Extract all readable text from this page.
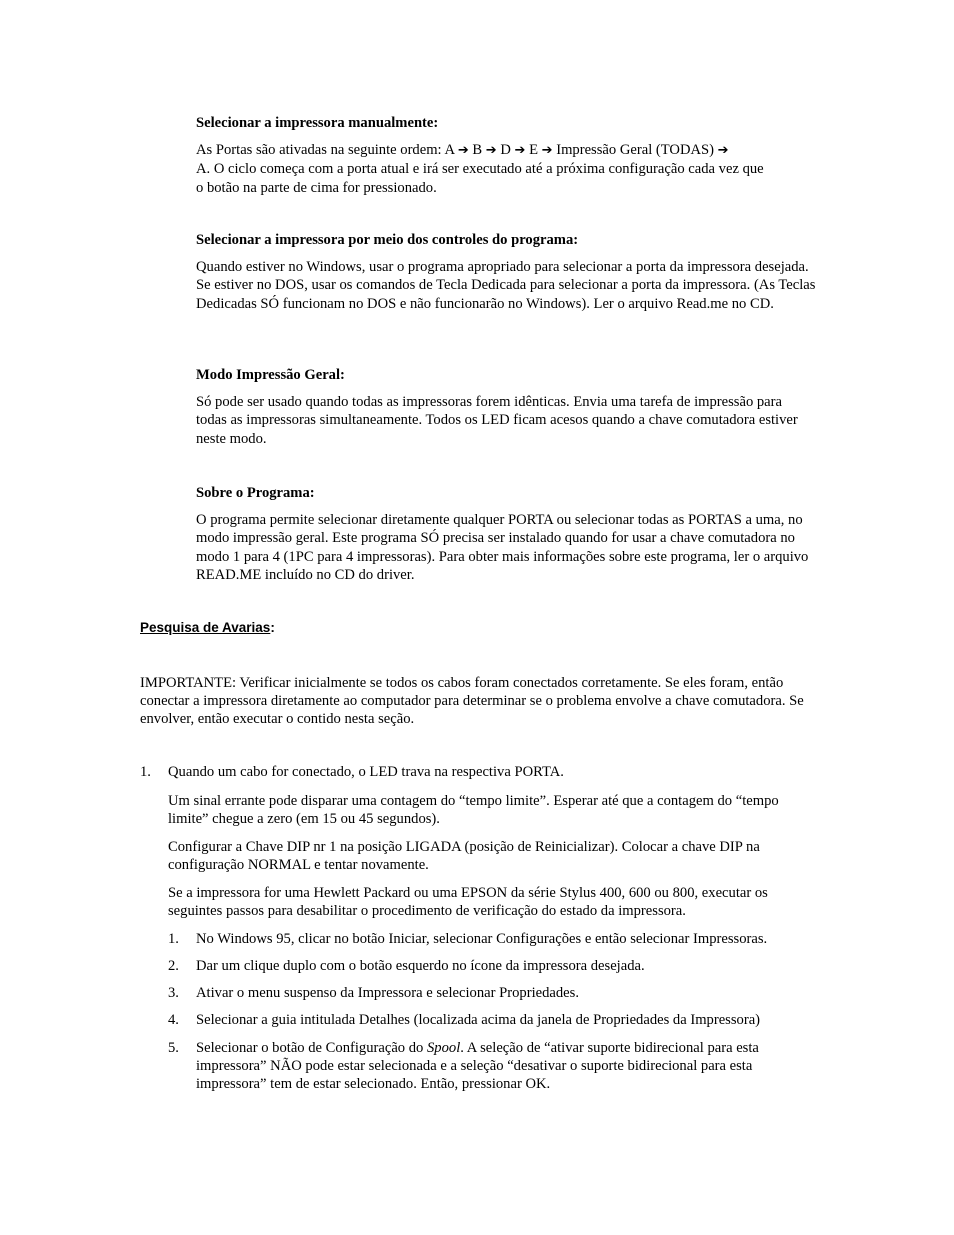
Selecionar a impressora manualmente:

As Portas são ativadas na seguinte ordem: A ➔ B ➔ D ➔ E ➔ Impressão Geral (TODAS) ➔
A. O ciclo começa com a porta atual e irá ser executado até a próxima configuração cada vez que
o botão na parte de cima for pressionado.

Selecionar a impressora por meio dos controles do programa:

Quando estiver no Windows, usar o programa apropriado para selecionar a porta da impressora desejada. Se estiver no DOS, usar os comandos de Tecla Dedicada para selecionar a porta da impressora. (As Teclas Dedicadas SÓ funcionam no DOS e não funcionarão no Windows). Ler o arquivo Read.me no CD.

Modo Impressão Geral:

Só pode ser usado quando todas as impressoras forem idênticas. Envia uma tarefa de impressão para todas as impressoras simultaneamente. Todos os LED ficam acesos quando a chave comutadora estiver neste modo.

Sobre o Programa:

O programa permite selecionar diretamente qualquer PORTA ou selecionar todas as PORTAS a uma, no modo impressão geral. Este programa SÓ precisa ser instalado quando for usar a chave comutadora no modo 1 para 4 (1PC para 4 impressoras). Para obter mais informações sobre este programa, ler o arquivo READ.ME incluído no CD do driver.

Pesquisa de Avarias:

IMPORTANTE: Verificar inicialmente se todos os cabos foram conectados corretamente. Se eles foram, então conectar a impressora diretamente ao computador para determinar se o problema envolve a chave comutadora. Se envolver, então executar o contido nesta seção.

1. Quando um cabo for conectado, o LED trava na respectiva PORTA.

Um sinal errante pode disparar uma contagem do “tempo limite”. Esperar até que a contagem do “tempo limite” chegue a zero (em 15 ou 45 segundos).

Configurar a Chave DIP nr 1 na posição LIGADA (posição de Reinicializar). Colocar a chave DIP na configuração NORMAL e tentar novamente.

Se a impressora for uma Hewlett Packard ou uma EPSON da série Stylus 400, 600 ou 800, executar os seguintes passos para desabilitar o procedimento de verificação do estado da impressora.

1. No Windows 95, clicar no botão Iniciar, selecionar Configurações e então selecionar Impressoras.

2. Dar um clique duplo com o botão esquerdo no ícone da impressora desejada.

3. Ativar o menu suspenso da Impressora e selecionar Propriedades.

4. Selecionar a guia intitulada Detalhes (localizada acima da janela de Propriedades da Impressora)

5. Selecionar o botão de Configuração do Spool. A seleção de “ativar suporte bidirecional para esta impressora” NÃO pode estar selecionada e a seleção “desativar o suporte bidirecional para esta impressora” tem de estar selecionado. Então, pressionar OK.
